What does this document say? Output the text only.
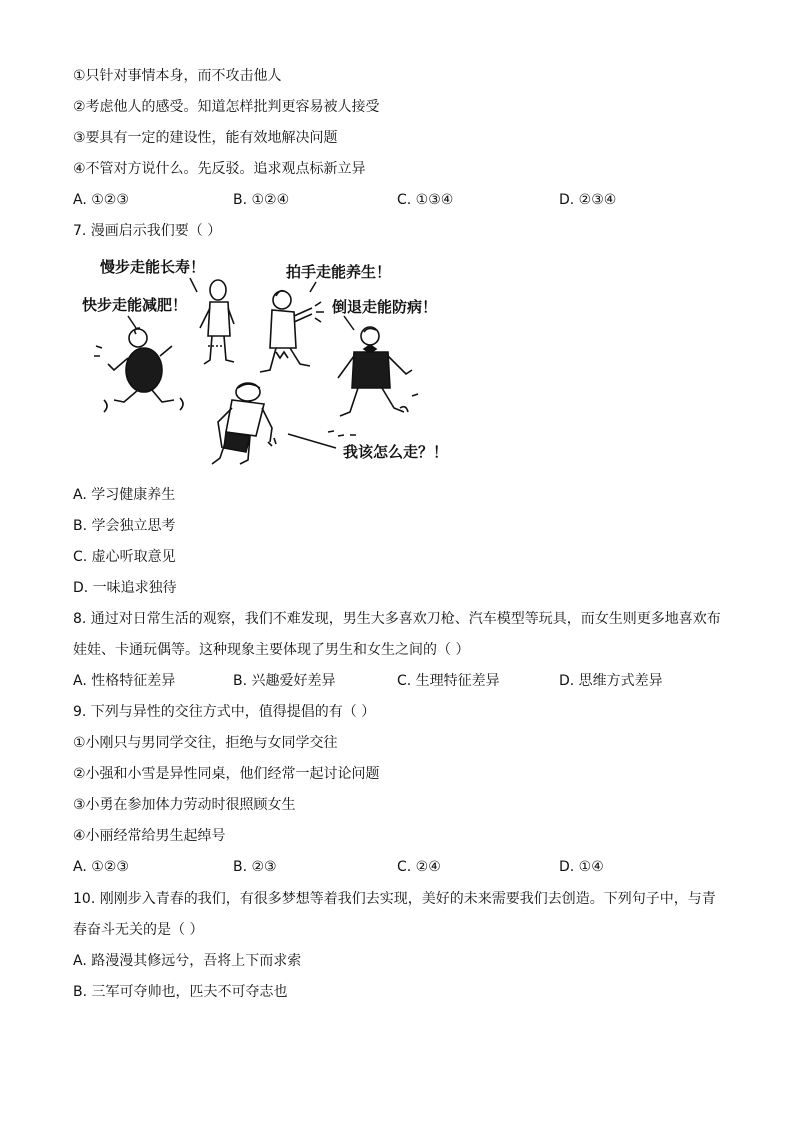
①只针对事情本身，而不攻击他人
②考虑他人的感受。知道怎样批判更容易被人接受
③要具有一定的建设性，能有效地解决问题
④不管对方说什么。先反驳。追求观点标新立异
A. ①②③	B. ①②④	C. ①③④	D. ②③④
7. 漫画启示我们要（ ）
慢步走能长寿！	拍手走能养生！
快步走能减肥！	倒退走能防病！
我该怎么走？！
A. 学习健康养生
B. 学会独立思考
C. 虚心听取意见
D. 一味追求独待
8. 通过对日常生活的观察，我们不难发现，男生大多喜欢刀枪、汽车模型等玩具，而女生则更多地喜欢布
娃娃、卡通玩偶等。这种现象主要体现了男生和女生之间的（ ）
A. 性格特征差异	B. 兴趣爱好差异	C. 生理特征差异	D. 思维方式差异
9. 下列与异性的交往方式中，值得提倡的有（ ）
①小刚只与男同学交往，拒绝与女同学交往
②小强和小雪是异性同桌，他们经常一起讨论问题
③小勇在参加体力劳动时很照顾女生
④小丽经常给男生起绰号
A. ①②③	B. ②③	C. ②④	D. ①④
10. 刚刚步入青春的我们，有很多梦想等着我们去实现，美好的未来需要我们去创造。下列句子中，与青
春奋斗无关的是（ ）
A. 路漫漫其修远兮，吾将上下而求索
B. 三军可夺帅也，匹夫不可夺志也
